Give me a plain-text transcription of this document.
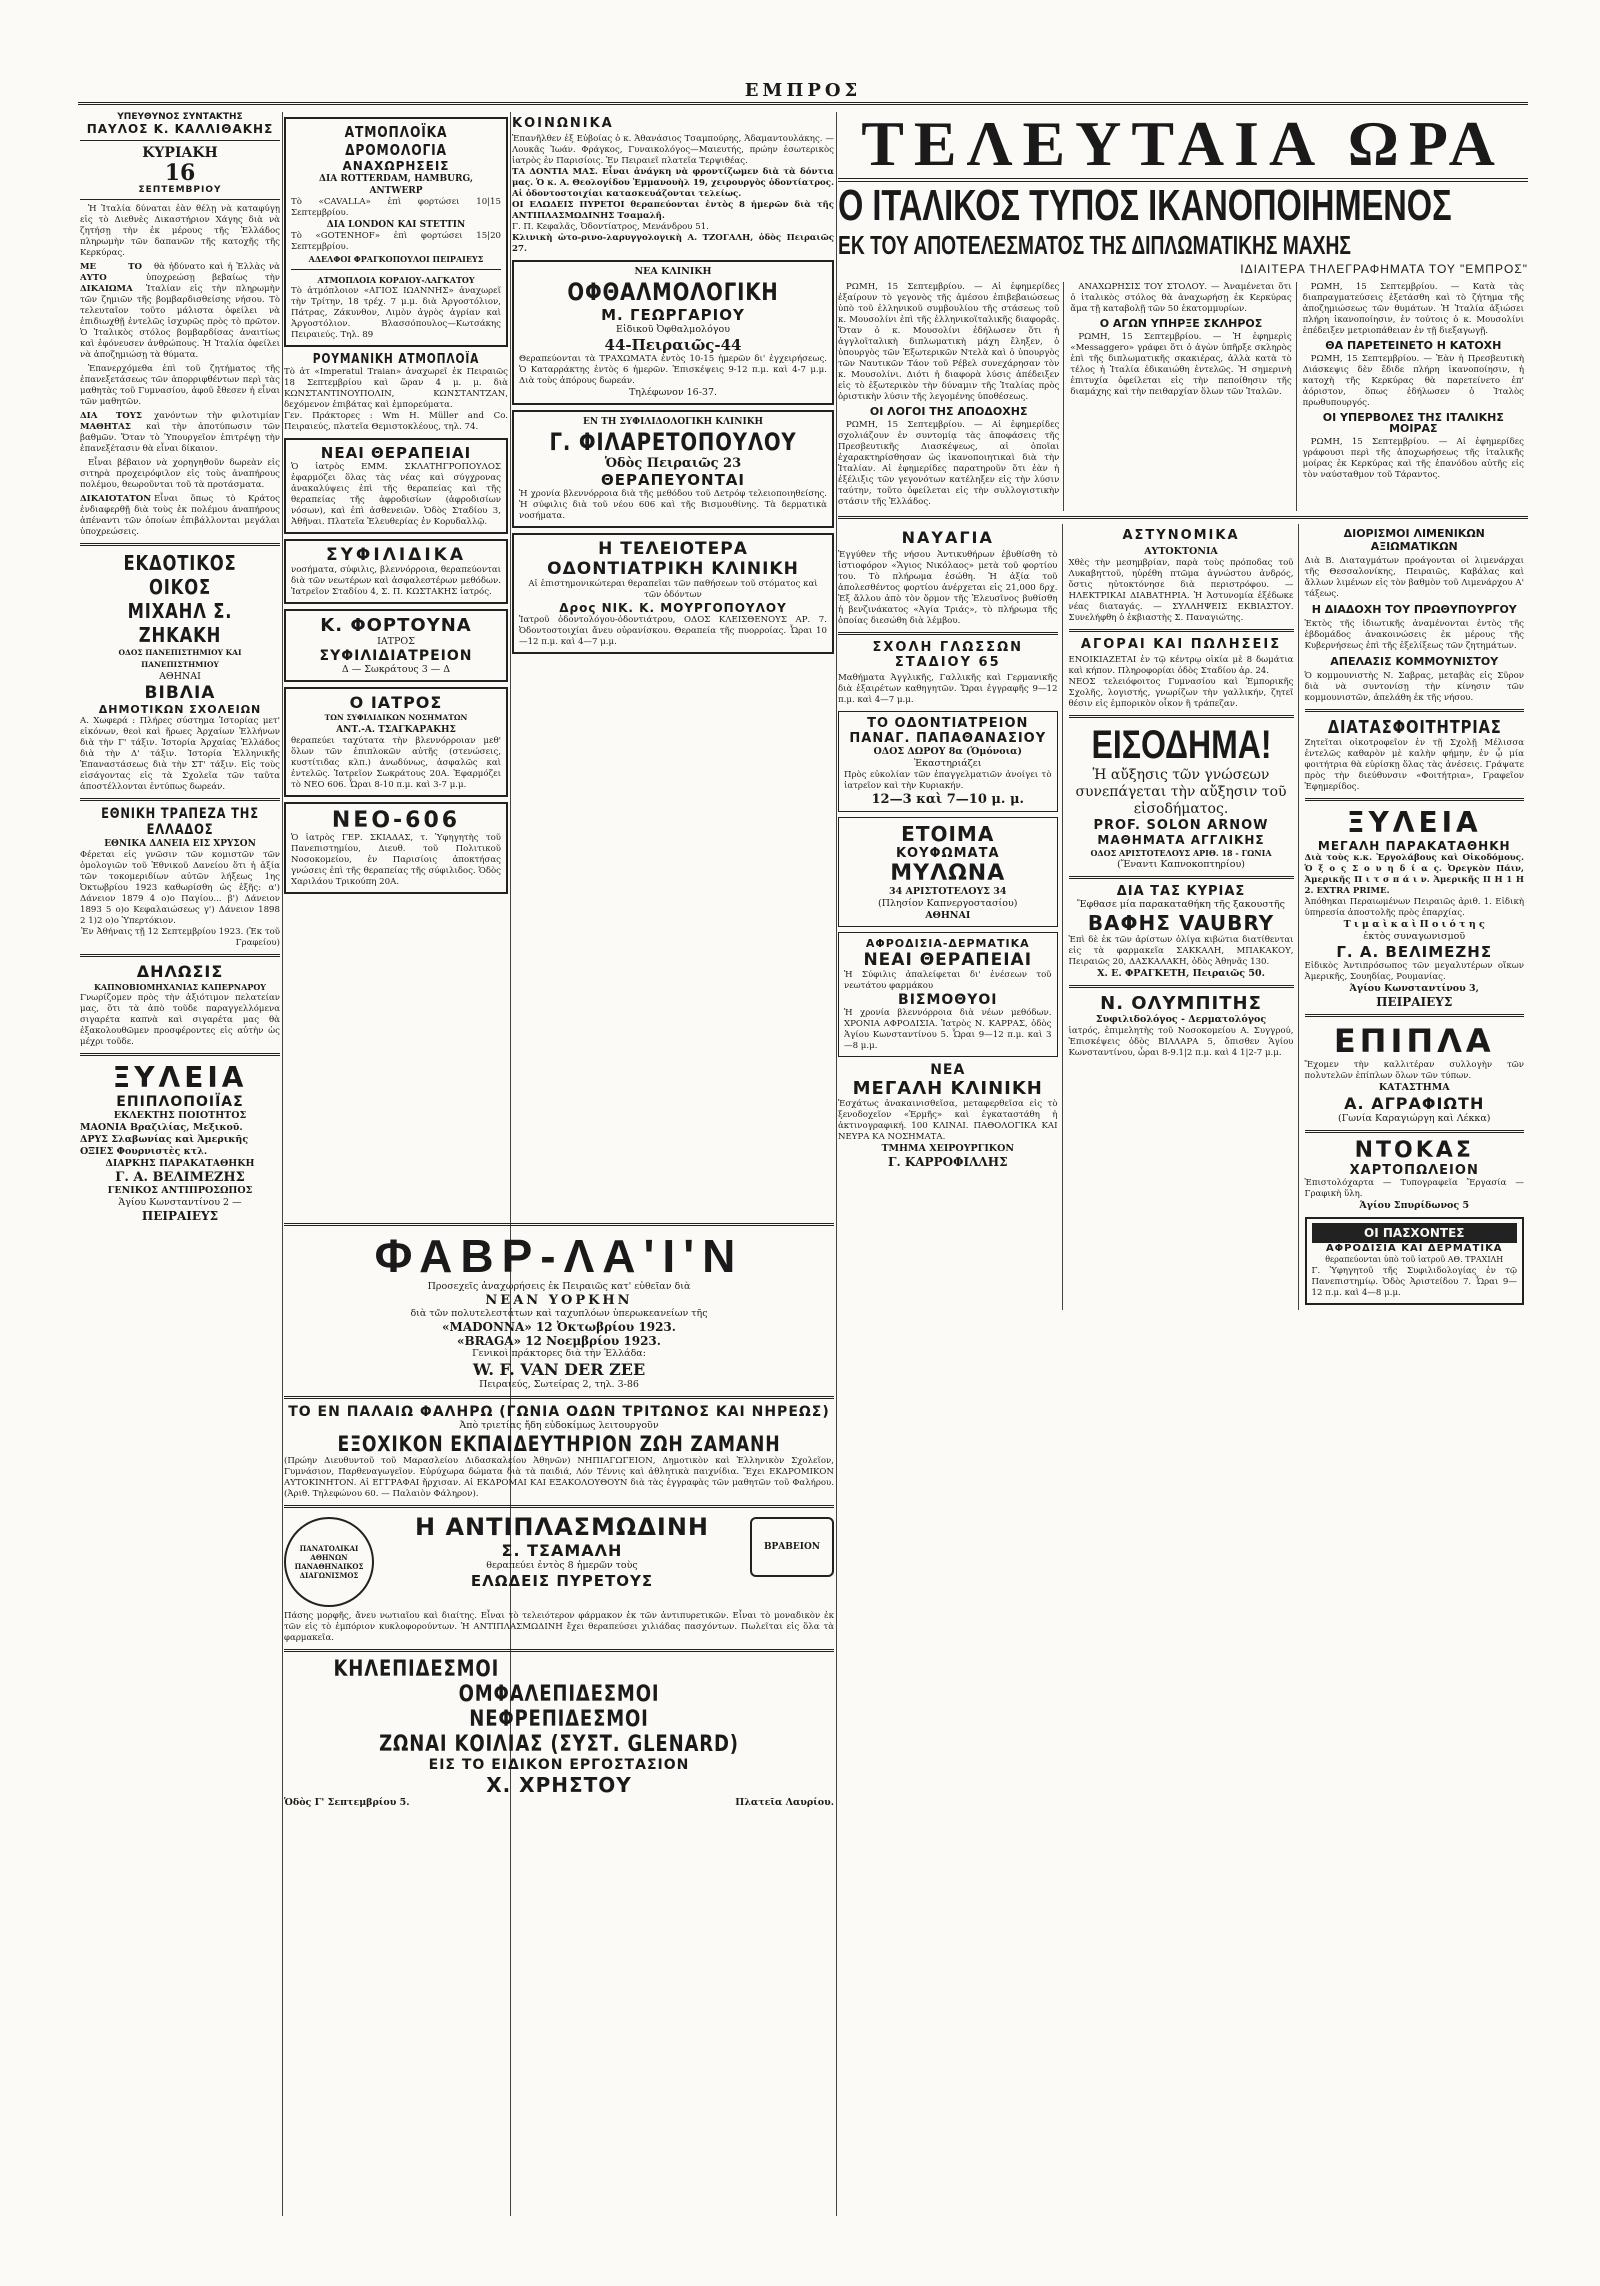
ΕΜΠΡΟΣ
ΥΠΕΥΘΥΝΟΣ ΣΥΝΤΑΚΤΗΣ
ΠΑΥΛΟΣ Κ. ΚΑΛΛΙΘΑΚΗΣ
ΚΥΡΙΑΚΗ
16
ΣΕΠΤΕΜΒΡΙΟΥ

Ἡ Ἰταλία δύναται ἐὰν θέλῃ νὰ καταφύγῃ εἰς τὸ Διεθνὲς Δικαστήριον Χάγης διὰ νὰ ζητήσῃ τὴν ἐκ μέρους τῆς Ἑλλάδος πληρωμὴν τῶν δαπανῶν τῆς κατοχῆς τῆς Κερκύρας.

ΜΕ ΤΟ ΑΥΤΟ ΔΙΚΑΙΩΜΑ

θὰ ἠδύνατο καὶ ἡ Ἑλλὰς νὰ ὑποχρεώσῃ βεβαίως τὴν Ἰταλίαν εἰς τὴν πληρωμὴν τῶν ζημιῶν τῆς βομβαρδισθείσης νήσου. Τὸ τελευταῖον τοῦτο μάλιστα ὀφείλει νὰ ἐπιδιωχθῇ ἐντελῶς ἰσχυρῶς πρὸς τὸ πρῶτον. Ὁ Ἰταλικὸς στόλος βομβαρδίσας ἀναιτίως καὶ ἐφόνευσεν ἀνθρώπους. Ἡ Ἰταλία ὀφείλει νὰ ἀποζημιώσῃ τὰ θύματα.

Ἐπανερχόμεθα ἐπὶ τοῦ ζητήματος τῆς ἐπανεξετάσεως τῶν ἀπορριφθέντων περὶ τὰς μαθητὰς τοῦ Γυμνασίου, ἀφοῦ ἔθεσεν ἡ εἶναι τῶν μαθητῶν.

ΔΙΑ ΤΟΥΣ ΜΑΘΗΤΑΣ

χανόντων τὴν φιλοτιμίαν καὶ τὴν ἀποτύπωσιν τῶν βαθμῶν. Ὅταν τὸ Ὑπουργεῖον ἐπιτρέψῃ τὴν ἐπανεξέτασιν θὰ εἶναι δίκαιον.

Εἶναι βέβαιον νὰ χορηγηθοῦν δωρεὰν εἰς σιτηρὰ προχειρόφιλον εἰς τοὺς ἀναπήρους πολέμου, θεωροῦνται τοῦ τὰ προτάσματα.

ΔΙΚΑΙΟΤΑΤΟΝ Εἶναι ὅπως τὸ Κράτος ἐνδιαφερθῇ διὰ τοὺς ἐκ πολέμου ἀναπήρους ἀπέναντι τῶν ὁποίων ἐπιβάλλονται μεγάλαι ὑποχρεώσεις.

ΕΚΔΟΤΙΚΟΣ ΟΙΚΟΣ
ΜΙΧΑΗΛ Σ. ΖΗΚΑΚΗ
ΟΔΟΣ ΠΑΝΕΠΙΣΤΗΜΙΟΥ ΚΑΙ ΠΑΝΕΠΙΣΤΗΜΙΟΥ
ΑΘΗΝΑΙ
ΒΙΒΛΙΑ
ΔΗΜΟΤΙΚΩΝ ΣΧΟΛΕΙΩΝ
Α. Χωφερά : Πλήρες σύστημα Ἱστορίας μετ' εἰκόνων, θεοὶ καὶ ἥρωες Ἀρχαίων Ἑλλήνων διὰ τὴν Γ' τάξιν. Ἱστορία Ἀρχαίας Ἑλλάδος διὰ τὴν Δ' τάξιν. Ἱστορία Ἑλληνικῆς Ἐπαναστάσεως διὰ τὴν ΣΤ' τάξιν. Εἰς τοὺς εἰσάγοντας εἰς τὰ Σχολεῖα τῶν ταῦτα ἀποστέλλονται ἐντύπως δωρεάν.
ΕΘΝΙΚΗ ΤΡΑΠΕΖΑ ΤΗΣ ΕΛΛΑΔΟΣ
ΕΘΝΙΚΑ ΔΑΝΕΙΑ ΕΙΣ ΧΡΥΣΟΝ
Φέρεται εἰς γνῶσιν τῶν κομιστῶν τῶν ὁμολογιῶν τοῦ Ἐθνικοῦ Δανείου ὅτι ἡ ἀξία τῶν τοκομεριδίων αὐτῶν λήξεως 1ης Ὀκτωβρίου 1923 καθωρίσθη ὡς ἑξῆς: α') Δάνειον 1879 4 ο)ο Παγίου... β') Δάνειον 1893 5 ο)ο Κεφαλαιώσεως γ') Δάνειον 1898 2 1)2 ο)ο Ὑπερτόκιον.
Ἐν Ἀθήναις τῇ 12 Σεπτεμβρίου 1923. (Ἐκ τοῦ Γραφείου)
ΔΗΛΩΣΙΣ
ΚΑΠΝΟΒΙΟΜΗΧΑΝΙΑΣ ΚΑΠΕΡΝΑΡΟΥ
Γνωρίζομεν πρὸς τὴν ἀξιότιμον πελατείαν μας, ὅτι τὰ ἀπὸ τοῦδε παραγγελλόμενα σιγαρέτα καπνὰ καὶ σιγαρέτα μας θὰ ἐξακολουθῶμεν προσφέροντες εἰς αὐτὴν ὡς μέχρι τοῦδε.
ΞΥΛΕΙΑ
ΕΠΙΠΛΟΠΟΙΪΑΣ
ΕΚΛΕΚΤΗΣ ΠΟΙΟΤΗΤΟΣ
ΜΑΟΝΙΑ Βραζιλίας, Μεξικοῦ.
ΔΡΥΣ Σλαβωνίας καὶ Ἀμερικῆς
ΟΞΙΕΣ Φουρνιστὲς κτλ.
ΔΙΑΡΚΗΣ ΠΑΡΑΚΑΤΑΘΗΚΗ
Γ. Α. ΒΕΛΙΜΕΖΗΣ
ΓΕΝΙΚΟΣ ΑΝΤΙΠΡΟΣΩΠΟΣ
Ἁγίου Κωνσταντίνου 2 —
ΠΕΙΡΑΙΕΥΣ
ΑΤΜΟΠΛΟΪΚΑ ΔΡΟΜΟΛΟΓΙΑ
ΑΝΑΧΩΡΗΣΕΙΣ
ΔΙΑ ROTTERDAM, HAMBURG, ANTWERP
Τὸ «CAVALLA» ἐπὶ φορτώσει 10|15 Σεπτεμβρίου.
ΔΙΑ LONDON ΚΑΙ STETTIN
Τὸ «GOTENHOF» ἐπὶ φορτώσει 15|20 Σεπτεμβρίου.
ΑΔΕΛΦΟΙ ΦΡΑΓΚΟΠΟΥΛΟΙ ΠΕΙΡΑΙΕΥΣ
ΑΤΜΟΠΛΟΙΑ ΚΟΡΔΙΟΥ-ΛΑΓΚΑΤΟΥ
Τὸ ἀτμόπλοιον «ΑΓΙΟΣ ΙΩΑΝΝΗΣ» ἀναχωρεῖ τὴν Τρίτην, 18 τρέχ. 7 μ.μ. διὰ Ἀργοστόλιον, Πάτρας, Ζάκυνθον, Λιμὸν ἀγρὸς ἀγρίαν καὶ Ἀργοστόλιον. Βλασσόπουλος—Κωτσάκης Πειραιεύς. Τηλ. 89
ΡΟΥΜΑΝΙΚΗ ΑΤΜΟΠΛΟΪΑ
Τὸ ἀτ «Imperatul Traian» ἀναχωρεῖ ἐκ Πειραιῶς 18 Σεπτεμβρίου καὶ ὥραν 4 μ. μ. διὰ ΚΩΝΣΤΑΝΤΙΝΟΥΠΟΛΙΝ, ΚΩΝΣΤΑΝΤΖΑΝ, δεχόμενον ἐπιβάτας καὶ ἐμπορεύματα.
Γεν. Πράκτορες : Wm H. Müller and Co. Πειραιεύς, πλατεῖα Θεμιστοκλέους, τηλ. 74.
ΝΕΑΙ ΘΕΡΑΠΕΙΑΙ
Ὁ ἰατρὸς ΕΜΜ. ΣΚΛΑΤΗΓΡΟΠΟΥΛΟΣ ἐφαρμόζει ὅλας τὰς νέας καὶ σύγχρονας ἀνακαλύψεις ἐπὶ τῆς θεραπείας καὶ τῆς θεραπείας τῆς ἀφροδισίων (ἀφροδισίων νόσων), καὶ ἐπὶ ἀσθενειῶν. Ὁδὸς Σταδίου 3, Ἀθῆναι. Πλατεῖα Ἐλευθερίας ἐν Κορυδαλλῷ.
ΣΥΦΙΛΙΔΙΚΑ
νοσήματα, σύφιλις, βλεννόρροια, θεραπεύονται διὰ τῶν νεωτέρων καὶ ἀσφαλεστέρων μεθόδων. Ἰατρεῖον Σταδίου 4, Σ. Π. ΚΩΣΤΑΚΗΣ ἰατρός.
Κ. ΦΟΡΤΟΥΝΑ
ΙΑΤΡΟΣ
ΣΥΦΙΛΙΔΙΑΤΡΕΙΟΝ
Δ — Σωκράτους 3 — Δ
Ο ΙΑΤΡΟΣ
ΤΩΝ ΣΥΦΙΛΙΔΙΚΩΝ ΝΟΣΗΜΑΤΩΝ
ΑΝΤ.-Α. ΤΣΑΓΚΑΡΑΚΗΣ
θεραπεύει ταχύτατα τὴν βλεννόρροιαν μεθ' ὅλων τῶν ἐπιπλοκῶν αὐτῆς (στενώσεις, κυστίτιδας κλπ.) ἀνωδύνως, ἀσφαλῶς καὶ ἐντελῶς. Ἰατρεῖον Σωκράτους 20Α. Ἐφαρμόζει τὸ ΝΕΟ 606. Ὧραι 8-10 π.μ. καὶ 3-7 μ.μ.
ΝΕΟ-606
Ὁ ἰατρὸς ΓΕΡ. ΣΚΙΑΔΑΣ, τ. Ὑφηγητὴς τοῦ Πανεπιστημίου, Διευθ. τοῦ Πολιτικοῦ Νοσοκομείου, ἐν Παρισίοις ἀποκτήσας γνώσεις ἐπὶ τῆς θεραπείας τῆς σύφιλιδος. Ὁδὸς Χαριλάου Τρικούπη 20Α.
ΚΟΙΝΩΝΙΚΑ
Ἐπανῆλθεν ἐξ Εὐβοίας ὁ κ. Ἀθανάσιος Τσαμπούρης, Ἀδαμαντουλάκης. — Λουκᾶς Ἰωάν. Φράγκος, Γυναικολόγος—Μαιευτής, πρώην ἐσωτερικὸς ἰατρὸς ἐν Παρισίοις. Ἐν Πειραιεῖ πλατεῖα Τερψιθέας.
ΤΑ ΔΟΝΤΙΑ ΜΑΣ. Εἶναι ἀνάγκη νὰ φροντίζωμεν διὰ τὰ δόντια μας. Ὁ κ. Α. Θεολογίδου Ἐμμανουὴλ 19, χειρουργὸς ὀδοντίατρος. Αἱ ὁδοντοστοιχίαι κατασκευάζονται τελείως.
ΟΙ ΕΛΩΔΕΙΣ ΠΥΡΕΤΟΙ θεραπεύονται ἐντὸς 8 ἡμερῶν διὰ τῆς ΑΝΤΙΠΛΑΣΜΩΔΙΝΗΣ Τσαμαλῆ.
Γ. Π. Κεφαλᾶς, Ὀδοντίατρος, Μενάνδρου 51.
Κλινικὴ ὠτο-ρινο-λαρυγγολογικὴ Α. ΤΖΟΓΑΛΗ, ὁδὸς Πειραιῶς 27.
ΝΕΑ ΚΛΙΝΙΚΗ
ΟΦΘΑΛΜΟΛΟΓΙΚΗ
Μ. ΓΕΩΡΓΑΡΙΟΥ
Εἰδικοῦ Ὀφθαλμολόγου
44-Πειραιῶς-44
Θεραπεύονται τὰ ΤΡΑΧΩΜΑΤΑ ἐντὸς 10-15 ἡμερῶν δι' ἐγχειρήσεως. Ὁ Καταρράκτης ἐντὸς 6 ἡμερῶν. Ἐπισκέψεις 9-12 π.μ. καὶ 4-7 μ.μ. Διὰ τοὺς ἀπόρους δωρεάν.
Τηλέφωνον 16-37.
ΕΝ ΤΗ ΣΥΦΙΛΙΔΟΛΟΓΙΚΗ ΚΛΙΝΙΚΗ
Γ. ΦΙΛΑΡΕΤΟΠΟΥΛΟΥ
Ὁδὸς Πειραιῶς 23
ΘΕΡΑΠΕΥΟΝΤΑΙ
Ἡ χρονία βλεννόρροια διὰ τῆς μεθόδου τοῦ Δετρόφ τελειοποιηθείσης. Ἡ σύφιλις διὰ τοῦ νέου 606 καὶ τῆς Βισμουθίνης. Τὰ δερματικὰ νοσήματα.
Η ΤΕΛΕΙΟΤΕΡΑ ΟΔΟΝΤΙΑΤΡΙΚΗ ΚΛΙΝΙΚΗ
Αἱ ἐπιστημονικώτεραι θεραπεῖαι τῶν παθήσεων τοῦ στόματος καὶ τῶν ὀδόντων
Δρος ΝΙΚ. Κ. ΜΟΥΡΓΟΠΟΥΛΟΥ
Ἰατροῦ ὀδοντολόγου-ὀδοντιάτρου, ΟΔΟΣ ΚΛΕΙΣΘΕΝΟΥΣ ΑΡ. 7. Ὀδοντοστοιχίαι ἄνευ οὐρανίσκου. Θεραπεία τῆς πυορροίας. Ὧραι 10—12 π.μ. καὶ 4—7 μ.μ.
ΦΑΒΡ-ΛΑ'Ι'Ν
Προσεχεῖς ἀναχωρήσεις ἐκ Πειραιῶς κατ' εὐθεῖαν διὰ
ΝΕΑΝ ΥΟΡΚΗΝ
διὰ τῶν πολυτελεστάτων καὶ ταχυπλόων ὑπερωκεανείων τῆς
«MADONNA» 12 Ὀκτωβρίου 1923.
«BRAGA» 12 Νοεμβρίου 1923.
Γενικοὶ πράκτορες διὰ τὴν Ἑλλάδα:
W. F. VAN DER ZEE
Πειραιεύς, Σωτείρας 2, τηλ. 3-86
ΤΟ ΕΝ ΠΑΛΑΙΩ ΦΑΛΗΡΩ (ΓΩΝΙΑ ΟΔΩΝ ΤΡΙΤΩΝΟΣ ΚΑΙ ΝΗΡΕΩΣ)
Ἀπὸ τριετίας ἤδη εὐδοκίμως λειτουργοῦν
ΕΞΟΧΙΚΟΝ ΕΚΠΑΙΔΕΥΤΗΡΙΟΝ ΖΩΗ ΖΑΜΑΝΗ
(Πρώην Διευθυντοῦ τοῦ Μαρασλείου Διδασκαλείου Ἀθηνῶν) ΝΗΠΙΑΓΩΓΕΙΟΝ, Δημοτικὸν καὶ Ἑλληνικὸν Σχολεῖον, Γυμνάσιον, Παρθεναγωγεῖον. Εὐρύχωρα δώματα διὰ τὰ παιδιά, Λόν Τέννις καὶ ἀθλητικὰ παιχνίδια. Ἔχει ΕΚΔΡΟΜΙΚΟΝ ΑΥΤΟΚΙΝΗΤΟΝ. Αἱ ΕΓΓΡΑΦΑΙ ἤρχισαν. Αἱ ΕΚΔΡΟΜΑΙ ΚΑΙ ΕΞΑΚΟΛΟΥΘΟΥΝ διὰ τὰς ἐγγραφὰς τῶν μαθητῶν τοῦ Φαλήρου. (Ἀριθ. Τηλεφώνου 60. — Παλαιὸν Φάληρον).
ΠΑΝΑΤΟΛΙΚΑΙ ΑΘΗΝΩΝ ΠΑΝΑΘΗΝΑΙΚΟΣ ΔΙΑΓΩΝΙΣΜΟΣ
Η ΑΝΤΙΠΛΑΣΜΩΔΙΝΗ
Σ. ΤΣΑΜΑΛΗ
θεραπεύει ἐντὸς 8 ἡμερῶν τοὺς
ΕΛΩΔΕΙΣ ΠΥΡΕΤΟΥΣ
ΒΡΑΒΕΙΟΝ
Πάσης μορφῆς, ἄνευ νωτιαῖου καὶ διαίτης. Εἶναι τὸ τελειότερον φάρμακον ἐκ τῶν ἀντιπυρετικῶν. Εἶναι τὸ μοναδικὸν ἐκ τῶν εἰς τὸ ἐμπόριον κυκλοφορούντων. Ἡ ΑΝΤΙΠΛΑΣΜΩΔΙΝΗ ἔχει θεραπεύσει χιλιάδας πασχόντων. Πωλεῖται εἰς ὅλα τὰ φαρμακεῖα.
ΚΗΛΕΠΙΔΕΣΜΟΙ
ΟΜΦΑΛΕΠΙΔΕΣΜΟΙ
ΝΕΦΡΕΠΙΔΕΣΜΟΙ
ΖΩΝΑΙ ΚΟΙΛΙΑΣ (ΣΥΣΤ. GLENARD)
ΕΙΣ ΤΟ ΕΙΔΙΚΟΝ ΕΡΓΟΣΤΑΣΙΟΝ
Χ. ΧΡΗΣΤΟΥ
Ὁδὸς Γ' Σεπτεμβρίου 5.	Πλατεῖα Λαυρίου.
ΤΕΛΕΥΤΑΙΑ ΩΡΑ
Ο ΙΤΑΛΙΚΟΣ ΤΥΠΟΣ ΙΚΑΝΟΠΟΙΗΜΕΝΟΣ
ΕΚ ΤΟΥ ΑΠΟΤΕΛΕΣΜΑΤΟΣ ΤΗΣ ΔΙΠΛΩΜΑΤΙΚΗΣ ΜΑΧΗΣ
ΙΔΙΑΙΤΕΡΑ ΤΗΛΕΓΡΑΦΗΜΑΤΑ ΤΟΥ "ΕΜΠΡΟΣ"

ΡΩΜΗ, 15 Σεπτεμβρίου. — Αἱ ἐφημερίδες ἐξαίρουν τὸ γεγονὸς τῆς ἀμέσου ἐπιβεβαιώσεως ὑπὸ τοῦ ἐλληνικοῦ συμβουλίου τῆς στάσεως τοῦ κ. Μουσολίνι ἐπὶ τῆς ἐλληνικοϊταλικῆς διαφορᾶς. Ὅταν ὁ κ. Μουσολίνι ἐδήλωσεν ὅτι ἡ ἀγγλοϊταλικὴ διπλωματικὴ μάχη ἔληξεν, ὁ ὑπουργὸς τῶν Ἐξωτερικῶν Ντελὰ καὶ ὁ ὑπουργὸς τῶν Ναυτικῶν Τάον τοῦ Ρέβελ συνεχάρησαν τὸν κ. Μουσολίνι. Διότι ἡ διαφορὰ λύσις ἀπέδειξεν εἰς τὸ ἐξωτερικὸν τὴν δύναμιν τῆς Ἰταλίας πρὸς ὁριστικὴν λύσιν τῆς λεγομένης ὑποθέσεως.

ΟΙ ΛΟΓΟΙ ΤΗΣ ΑΠΟΔΟΧΗΣ

ΡΩΜΗ, 15 Σεπτεμβρίου. — Αἱ ἐφημερίδες σχολιάζουν ἐν συντομίᾳ τὰς ἀποφάσεις τῆς Πρεσβευτικῆς Διασκέψεως, αἱ ὁποῖαι ἐχαρακτηρίσθησαν ὡς ἱκανοποιητικαὶ διὰ τὴν Ἰταλίαν. Αἱ ἐφημερίδες παρατηροῦν ὅτι ἐὰν ἡ ἐξέλιξις τῶν γεγονότων κατέληξεν εἰς τὴν λύσιν ταύτην, τοῦτο ὀφείλεται εἰς τὴν συλλογιστικὴν στάσιν τῆς Ἑλλάδος.

ΑΝΑΧΩΡΗΣΙΣ ΤΟΥ ΣΤΟΛΟΥ. — Ἀναμένεται ὅτι ὁ ἰταλικὸς στόλος θὰ ἀναχωρήσῃ ἐκ Κερκύρας ἅμα τῇ καταβολῇ τῶν 50 ἑκατομμυρίων.

Ο ΑΓΩΝ ΥΠΗΡΞΕ ΣΚΛΗΡΟΣ

ΡΩΜΗ, 15 Σεπτεμβρίου. — Ἡ ἐφημερὶς «Messaggero» γράφει ὅτι ὁ ἀγὼν ὑπῆρξε σκληρὸς ἐπὶ τῆς διπλωματικῆς σκακιέρας, ἀλλὰ κατὰ τὸ τέλος ἡ Ἰταλία ἐδικαιώθη ἐντελῶς. Ἡ σημερινὴ ἐπιτυχία ὀφείλεται εἰς τὴν πεποίθησιν τῆς διαμάχης καὶ τὴν πειθαρχίαν ὅλων τῶν Ἰταλῶν.

ΡΩΜΗ, 15 Σεπτεμβρίου. — Κατὰ τὰς διαπραγματεύσεις ἐξετάσθη καὶ τὸ ζήτημα τῆς ἀποζημιώσεως τῶν θυμάτων. Ἡ Ἰταλία ἀξιώσει πλήρη ἱκανοποίησιν, ἐν τούτοις ὁ κ. Μουσολίνι ἐπέδειξεν μετριοπάθειαν ἐν τῇ διεξαγωγῇ.

ΘΑ ΠΑΡΕΤΕΙΝΕΤΟ Η ΚΑΤΟΧΗ

ΡΩΜΗ, 15 Σεπτεμβρίου. — Ἐὰν ἡ Πρεσβευτικὴ Διάσκεψις δὲν ἔδιδε πλήρη ἱκανοποίησιν, ἡ κατοχὴ τῆς Κερκύρας θὰ παρετείνετο ἐπ' ἀόριστον, ὅπως ἐδήλωσεν ὁ Ἰταλὸς πρωθυπουργός.

ΟΙ ΥΠΕΡΒΟΛΕΣ ΤΗΣ ΙΤΑΛΙΚΗΣ ΜΟΙΡΑΣ

ΡΩΜΗ, 15 Σεπτεμβρίου. — Αἱ ἐφημερίδες γράφουσι περὶ τῆς ἀποχωρήσεως τῆς ἰταλικῆς μοίρας ἐκ Κερκύρας καὶ τῆς ἐπανόδου αὐτῆς εἰς τὸν ναύσταθμον τοῦ Τάραντος.

ΝΑΥΑΓΙΑ
Ἐγγύθεν τῆς νήσου Ἀντικυθήρων ἐβυθίσθη τὸ ἱστιοφόρον «Ἅγιος Νικόλαος» μετὰ τοῦ φορτίου του. Τὸ πλήρωμα ἐσώθη. Ἡ ἀξία τοῦ ἀπολεσθέντος φορτίου ἀνέρχεται εἰς 21,000 δρχ. Ἐξ ἄλλου ἀπὸ τὸν ὅρμον τῆς Ἐλευσῖνος βυθίσθη ἡ βενζινάκατος «Ἀγία Τριάς», τὸ πλήρωμα τῆς ὁποίας διεσώθη διὰ λέμβου.
ΣΧΟΛΗ ΓΛΩΣΣΩΝ ΣΤΑΔΙΟΥ 65
Μαθήματα Ἀγγλικῆς, Γαλλικῆς καὶ Γερμανικῆς διὰ ἐξαιρέτων καθηγητῶν. Ὥραι ἐγγραφῆς 9—12 π.μ. καὶ 4—7 μ.μ.
ΤΟ ΟΔΟΝΤΙΑΤΡΕΙΟΝ
ΠΑΝΑΓ. ΠΑΠΑΘΑΝΑΣΙΟΥ
ΟΔΟΣ ΔΩΡΟΥ 8α (Ὁμόνοια)
Ἐκαστηριάζει
Πρὸς εὐκολίαν τῶν ἐπαγγελματιῶν ἀνοίγει τὸ ἰατρεῖον καὶ τὴν Κυριακήν.
12—3 καὶ 7—10 μ. μ.
ΕΤΟΙΜΑ
ΚΟΥΦΩΜΑΤΑ
ΜΥΛΩΝΑ
34 ΑΡΙΣΤΟΤΕΛΟΥΣ 34
(Πλησίον Καπνεργοστασίου)
ΑΘΗΝΑΙ
ΑΦΡΟΔΙΣΙΑ-ΔΕΡΜΑΤΙΚΑ
ΝΕΑΙ ΘΕΡΑΠΕΙΑΙ
Ἡ Σύφιλις ἀπαλείφεται δι' ἐνέσεων τοῦ νεωτάτου φαρμάκου
ΒΙΣΜΟΘΥΟΙ
Ἡ χρονία βλεννόρροια διὰ νέων μεθόδων. ΧΡΟΝΙΑ ΑΦΡΟΔΙΣΙΑ. Ἰατρὸς Ν. ΚΑΡΡΑΣ, ὁδὸς Ἀγίου Κωνσταντίνου 5. Ὧραι 9—12 π.μ. καὶ 3—8 μ.μ.
ΝΕΑ
ΜΕΓΑΛΗ ΚΛΙΝΙΚΗ
Ἐσχάτως ἀνακαινισθεῖσα, μεταφερθεῖσα εἰς τὸ ξενοδοχεῖον «Ἑρμῆς» καὶ ἐγκαταστάθη ἡ ἀκτινογραφική. 100 ΚΛΙΝΑΙ. ΠΑΘΟΛΟΓΙΚΑ ΚΑΙ ΝΕΥΡΑ ΚΑ ΝΟΣΗΜΑΤΑ.
ΤΜΗΜΑ ΧΕΙΡΟΥΡΓΙΚΟΝ
Γ. ΚΑΡΡΟΦΙΛΛΗΣ
ΑΣΤΥΝΟΜΙΚΑ
ΑΥΤΟΚΤΟΝΙΑ
Χθὲς τὴν μεσημβρίαν, παρὰ τοὺς πρόποδας τοῦ Λυκαβηττοῦ, ηὑρέθη πτῶμα ἀγνώστου ἀνδρός, ὅστις ηὐτοκτόνησε διὰ περιστρόφου. — ΗΛΕΚΤΡΙΚΑΙ ΔΙΑΒΑΤΗΡΙΑ. Ἡ Ἀστυνομία ἐξέδωκε νέας διαταγάς. — ΣΥΛΛΗΨΕΙΣ ΕΚΒΙΑΣΤΟΥ. Συνελήφθη ὁ ἐκβιαστὴς Σ. Παναγιώτης.
ΑΓΟΡΑΙ ΚΑΙ ΠΩΛΗΣΕΙΣ
ΕΝΟΙΚΙΑΖΕΤΑΙ ἐν τῷ κέντρῳ οἰκία μὲ 8 δωμάτια καὶ κήπον. Πληροφορίαι ὁδὸς Σταδίου ἀρ. 24.
ΝΕΟΣ τελειόφοιτος Γυμνασίου καὶ Ἐμπορικῆς Σχολῆς, λογιστής, γνωρίζων τὴν γαλλικήν, ζητεῖ θέσιν εἰς ἐμπορικὸν οἶκον ἢ τράπεζαν.
ΕΙΣΟΔΗΜΑ!
Ἡ αὔξησις τῶν γνώσεων συνεπάγεται τὴν αὔξησιν τοῦ εἰσοδήματος.
PROF. SOLON ARNOW
ΜΑΘΗΜΑΤΑ ΑΓΓΛΙΚΗΣ
ΟΔΟΣ ΑΡΙΣΤΟΤΕΛΟΥΣ ΑΡΙΘ. 18 - ΓΩΝΙΑ
(Ἔναντι Καπνοκοπτηρίου)
ΔΙΑ ΤΑΣ ΚΥΡΙΑΣ
Ἔφθασε μία παρακαταθήκη τῆς ξακουστῆς
ΒΑΦΗΣ VAUBRY
Ἐπὶ δὲ ἐκ τῶν ἀρίστων ὀλίγα κιβώτια διατίθενται εἰς τὰ φαρμακεῖα ΣΑΚΚΑΛΗ, ΜΠΑΚΑΚΟΥ, Πειραιῶς 20, ΔΑΣΚΑΛΑΚΗ, ὁδὸς Ἀθηνᾶς 130.
Χ. Ε. ΦΡΑΓΚΕΤΗ, Πειραιῶς 50.
Ν. ΟΛΥΜΠΙΤΗΣ
Συφιλιδολόγος - Δερματολόγος
ἰατρός, ἐπιμελητὴς τοῦ Νοσοκομείου Α. Συγγρού, Ἐπισκέψεις ὁδὸς ΒΙΛΛΑΡΑ 5, ὄπισθεν Ἁγίου Κωνσταντίνου, ὧραι 8-9.1|2 π.μ. καὶ 4 1|2-7 μ.μ.
ΔΙΟΡΙΣΜΟΙ ΛΙΜΕΝΙΚΩΝ ΑΞΙΩΜΑΤΙΚΩΝ
Διὰ Β. Διαταγμάτων προάγονται οἱ λιμενάρχαι τῆς Θεσσαλονίκης, Πειραιῶς, Καβάλας καὶ ἄλλων λιμένων εἰς τὸν βαθμὸν τοῦ Λιμενάρχου Α' τάξεως.
Η ΔΙΑΔΟΧΗ ΤΟΥ ΠΡΩΘΥΠΟΥΡΓΟΥ
Ἐκτὸς τῆς ἰδιωτικῆς ἀναμένονται ἐντὸς τῆς ἑβδομάδος ἀνακοινώσεις ἐκ μέρους τῆς Κυβερνήσεως ἐπὶ τῆς ἐξελίξεως τῶν ζητημάτων.
ΑΠΕΛΑΣΙΣ ΚΟΜΜΟΥΝΙΣΤΟΥ
Ὁ κομμουνιστὴς Ν. Σαβρας, μεταβὰς εἰς Σῦρον διὰ νὰ συντονίσῃ τὴν κίνησιν τῶν κομμουνιστῶν, ἀπελάθη ἐκ τῆς νήσου.
ΔΙΑΤΑΣΦΟΙΤΗΤΡΙΑΣ
Ζητεῖται οἰκοτροφεῖον ἐν τῇ Σχολῇ Μέλισσα ἐντελῶς καθαρὸν μὲ καλὴν φήμην, ἐν ᾧ μία φοιτήτρια θὰ εὑρίσκῃ ὅλας τὰς ἀνέσεις. Γράψατε πρὸς τὴν διεύθυνσιν «Φοιτήτρια», Γραφεῖον Ἐφημερίδος.
ΞΥΛΕΙΑ
ΜΕΓΑΛΗ ΠΑΡΑΚΑΤΑΘΗΚΗ
Διὰ τοὺς κ.κ. Ἐργολάβους καὶ Οἰκοδόμους. Ὁ ξ ο ς Σ ο υ η δ ί α ς. Ὀρεγκὸν Πάιν, Ἀμερικῆς Π ι τ σ π ά ι ν. Ἀμερικῆς ΙΙ Η 1 Η 2. EXTRA PRIME.
Ἀπόθηκαι Περαιωμένων Πειραιῶς ἀριθ. 1. Εἰδικὴ ὑπηρεσία ἀποστολῆς πρὸς ἐπαρχίας.
Τ ι μ α ὶ κ α ὶ Π ο ι ό τ η ς
ἐκτὸς συναγωνισμοῦ
Γ. Α. ΒΕΛΙΜΕΖΗΣ
Εἰδικὸς Ἀντιπρόσωπος τῶν μεγαλυτέρων οἴκων Ἀμερικῆς, Σουηδίας, Ρουμανίας.
Ἁγίου Κωνσταντίνου 3,
ΠΕΙΡΑΙΕΥΣ
ΕΠΙΠΛΑ
Ἔχομεν τὴν καλλιτέραν συλλογὴν τῶν πολυτελῶν ἐπίπλων ὅλων τῶν τύπων.
ΚΑΤΑΣΤΗΜΑ
Α. ΑΓΡΑΦΙΩΤΗ
(Γωνία Καραγιώργη καὶ Λέκκα)
ΝΤΟΚΑΣ
ΧΑΡΤΟΠΩΛΕΙΟΝ
Ἐπιστολόχαρτα — Τυπογραφεῖα Ἔργασία — Γραφικὴ ὕλη.
Ἁγίου Σπυρίδωνος 5
ΟΙ ΠΑΣΧΟΝΤΕΣ
ΑΦΡΟΔΙΣΙΑ ΚΑΙ ΔΕΡΜΑΤΙΚΑ
θεραπεύονται ὑπὸ τοῦ ἰατροῦ ΑΘ. ΤΡΑΧΙΛΗ
Γ. Ὑφηγητοῦ τῆς Συφιλιδολογίας ἐν τῷ Πανεπιστημίῳ. Ὁδὸς Ἀριστείδου 7. Ὧραι 9—12 π.μ. καὶ 4—8 μ.μ.
